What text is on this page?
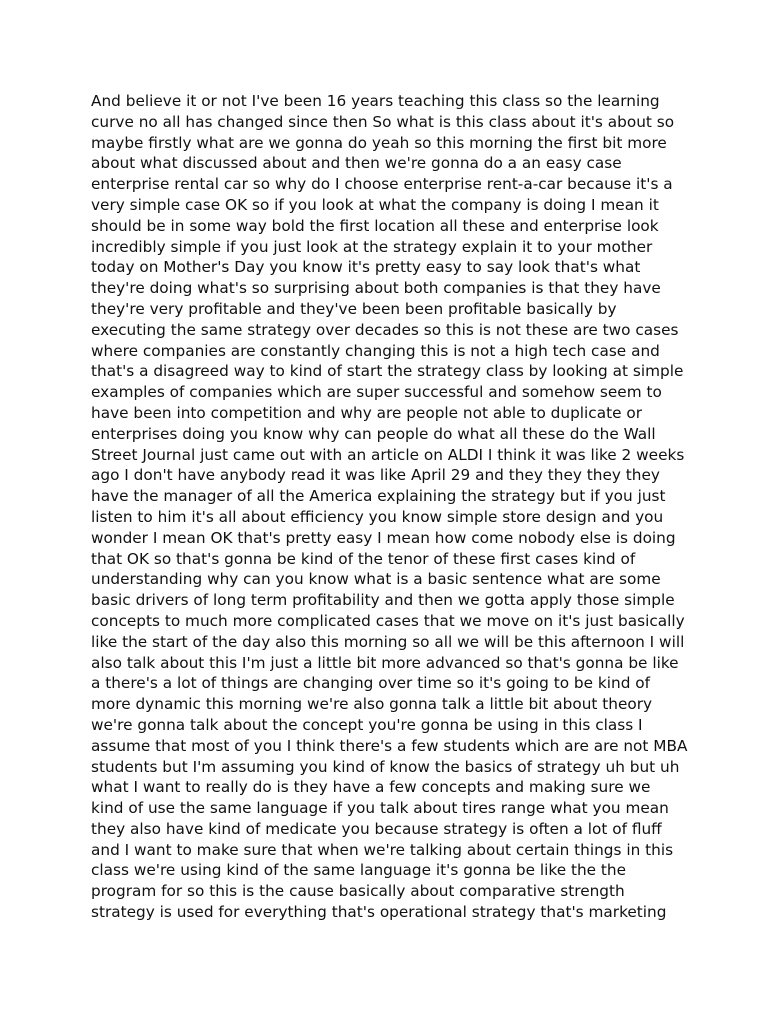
And believe it or not I've been 16 years teaching this class so the learning
curve no all has changed since then So what is this class about it's about so
maybe firstly what are we gonna do yeah so this morning the first bit more
about what discussed about and then we're gonna do a an easy case
enterprise rental car so why do I choose enterprise rent-a-car because it's a
very simple case OK so if you look at what the company is doing I mean it
should be in some way bold the first location all these and enterprise look
incredibly simple if you just look at the strategy explain it to your mother
today on Mother's Day you know it's pretty easy to say look that's what
they're doing what's so surprising about both companies is that they have
they're very profitable and they've been been profitable basically by
executing the same strategy over decades so this is not these are two cases
where companies are constantly changing this is not a high tech case and
that's a disagreed way to kind of start the strategy class by looking at simple
examples of companies which are super successful and somehow seem to
have been into competition and why are people not able to duplicate or
enterprises doing you know why can people do what all these do the Wall
Street Journal just came out with an article on ALDI I think it was like 2 weeks
ago I don't have anybody read it was like April 29 and they they they they
have the manager of all the America explaining the strategy but if you just
listen to him it's all about efficiency you know simple store design and you
wonder I mean OK that's pretty easy I mean how come nobody else is doing
that OK so that's gonna be kind of the tenor of these first cases kind of
understanding why can you know what is a basic sentence what are some
basic drivers of long term profitability and then we gotta apply those simple
concepts to much more complicated cases that we move on it's just basically
like the start of the day also this morning so all we will be this afternoon I will
also talk about this I'm just a little bit more advanced so that's gonna be like
a there's a lot of things are changing over time so it's going to be kind of
more dynamic this morning we're also gonna talk a little bit about theory
we're gonna talk about the concept you're gonna be using in this class I
assume that most of you I think there's a few students which are are not MBA
students but I'm assuming you kind of know the basics of strategy uh but uh
what I want to really do is they have a few concepts and making sure we
kind of use the same language if you talk about tires range what you mean
they also have kind of medicate you because strategy is often a lot of fluff
and I want to make sure that when we're talking about certain things in this
class we're using kind of the same language it's gonna be like the the
program for so this is the cause basically about comparative strength
strategy is used for everything that's operational strategy that's marketing
